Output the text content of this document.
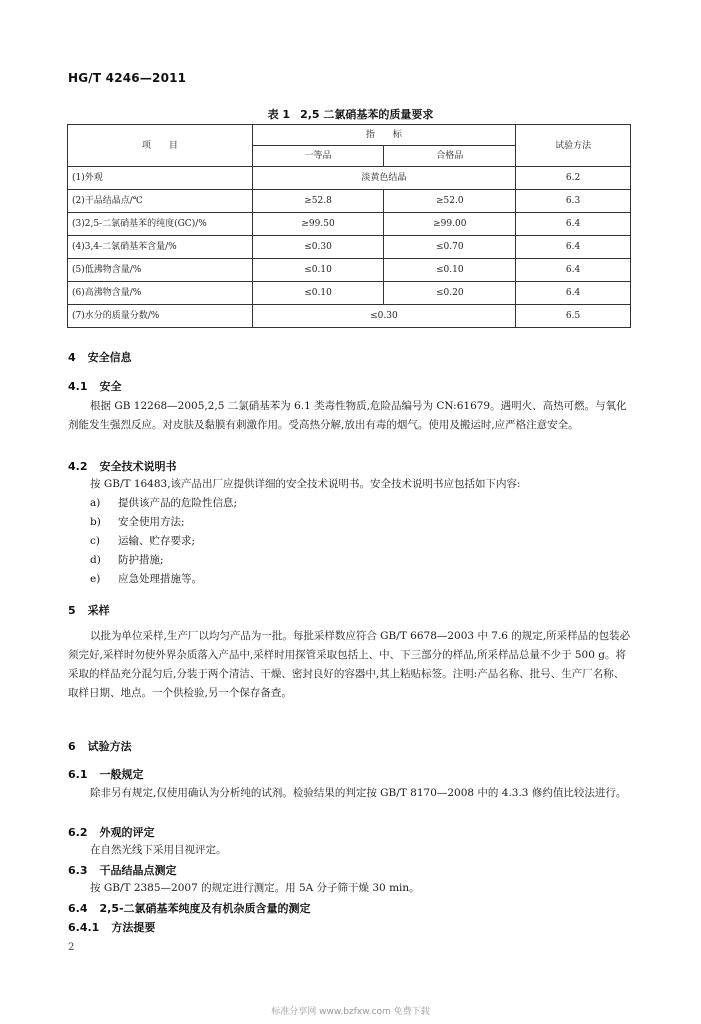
HG/T 4246—2011
表 1 2,5 二氯硝基苯的质量要求
项　　目	指　　标		试验方法
	一等品	合格品	
(1)外观	淡黄色结晶		6.2
(2)干品结晶点/℃	≥52.8	≥52.0	6.3
(3)2,5-二氯硝基苯的纯度(GC)/%	≥99.50	≥99.00	6.4
(4)3,4-二氯硝基苯含量/%	≤0.30	≤0.70	6.4
(5)低沸物含量/%	≤0.10	≤0.10	6.4
(6)高沸物含量/%	≤0.10	≤0.20	6.4
(7)水分的质量分数/%	≤0.30		6.5
4 安全信息
4.1 安全
根据 GB 12268—2005,2,5 二氯硝基苯为 6.1 类毒性物质,危险品编号为 CN:61679。遇明火、高热可燃。与氧化剂能发生强烈反应。对皮肤及黏膜有刺激作用。受高热分解,放出有毒的烟气。使用及搬运时,应严格注意安全。
4.2 安全技术说明书
按 GB/T 16483,该产品出厂应提供详细的安全技术说明书。安全技术说明书应包括如下内容:
a) 提供该产品的危险性信息;
b) 安全使用方法;
c) 运输、贮存要求;
d) 防护措施;
e) 应急处理措施等。
5 采样
以批为单位采样,生产厂以均匀产品为一批。每批采样数应符合 GB/T 6678—2003 中 7.6 的规定,所采样品的包装必须完好,采样时勿使外界杂质落入产品中,采样时用探管采取包括上、中、下三部分的样品,所采样品总量不少于 500 g。将采取的样品充分混匀后,分装于两个清洁、干燥、密封良好的容器中,其上粘贴标签。注明:产品名称、批号、生产厂名称、取样日期、地点。一个供检验,另一个保存备查。
6 试验方法
6.1 一般规定
除非另有规定,仅使用确认为分析纯的试剂。检验结果的判定按 GB/T 8170—2008 中的 4.3.3 修约值比较法进行。
6.2 外观的评定
在自然光线下采用目视评定。
6.3 干品结晶点测定
按 GB/T 2385—2007 的规定进行测定。用 5A 分子筛干燥 30 min。
6.4 2,5-二氯硝基苯纯度及有机杂质含量的测定
6.4.1 方法提要
2
标准分享网 www.bzfxw.com 免费下载
